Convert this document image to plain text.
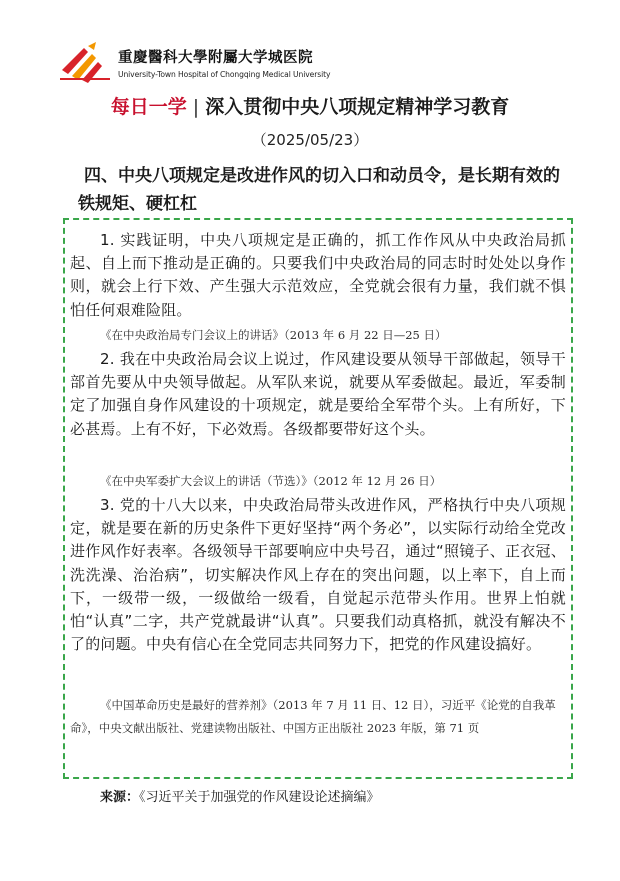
重慶醫科大學附屬大学城医院
University-Town Hospital of Chongqing Medical University
每日一学 | 深入贯彻中央八项规定精神学习教育
（2025/05/23）
四、中央八项规定是改进作风的切入口和动员令，是长期有效的铁规矩、硬杠杠
1. 实践证明，中央八项规定是正确的，抓工作作风从中央政治局抓起、自上而下推动是正确的。只要我们中央政治局的同志时时处处以身作则，就会上行下效、产生强大示范效应，全党就会很有力量，我们就不惧怕任何艰难险阻。
《在中央政治局专门会议上的讲话》（2013 年 6 月 22 日—25 日）
2. 我在中央政治局会议上说过，作风建设要从领导干部做起，领导干部首先要从中央领导做起。从军队来说，就要从军委做起。最近，军委制定了加强自身作风建设的十项规定，就是要给全军带个头。上有所好，下必甚焉。上有不好，下必效焉。各级都要带好这个头。
《在中央军委扩大会议上的讲话（节选）》（2012 年 12 月 26 日）
3. 党的十八大以来，中央政治局带头改进作风，严格执行中央八项规定，就是要在新的历史条件下更好坚持“两个务必”，以实际行动给全党改进作风作好表率。各级领导干部要响应中央号召，通过“照镜子、正衣冠、洗洗澡、治治病”，切实解决作风上存在的突出问题，以上率下，自上而下，一级带一级，一级做给一级看，自觉起示范带头作用。世界上怕就怕“认真”二字，共产党就最讲“认真”。只要我们动真格抓，就没有解决不了的问题。中央有信心在全党同志共同努力下，把党的作风建设搞好。
《中国革命历史是最好的营养剂》（2013 年 7 月 11 日、12 日），习近平《论党的自我革命》，中央文献出版社、党建读物出版社、中国方正出版社 2023 年版，第 71 页
来源：《习近平关于加强党的作风建设论述摘编》
